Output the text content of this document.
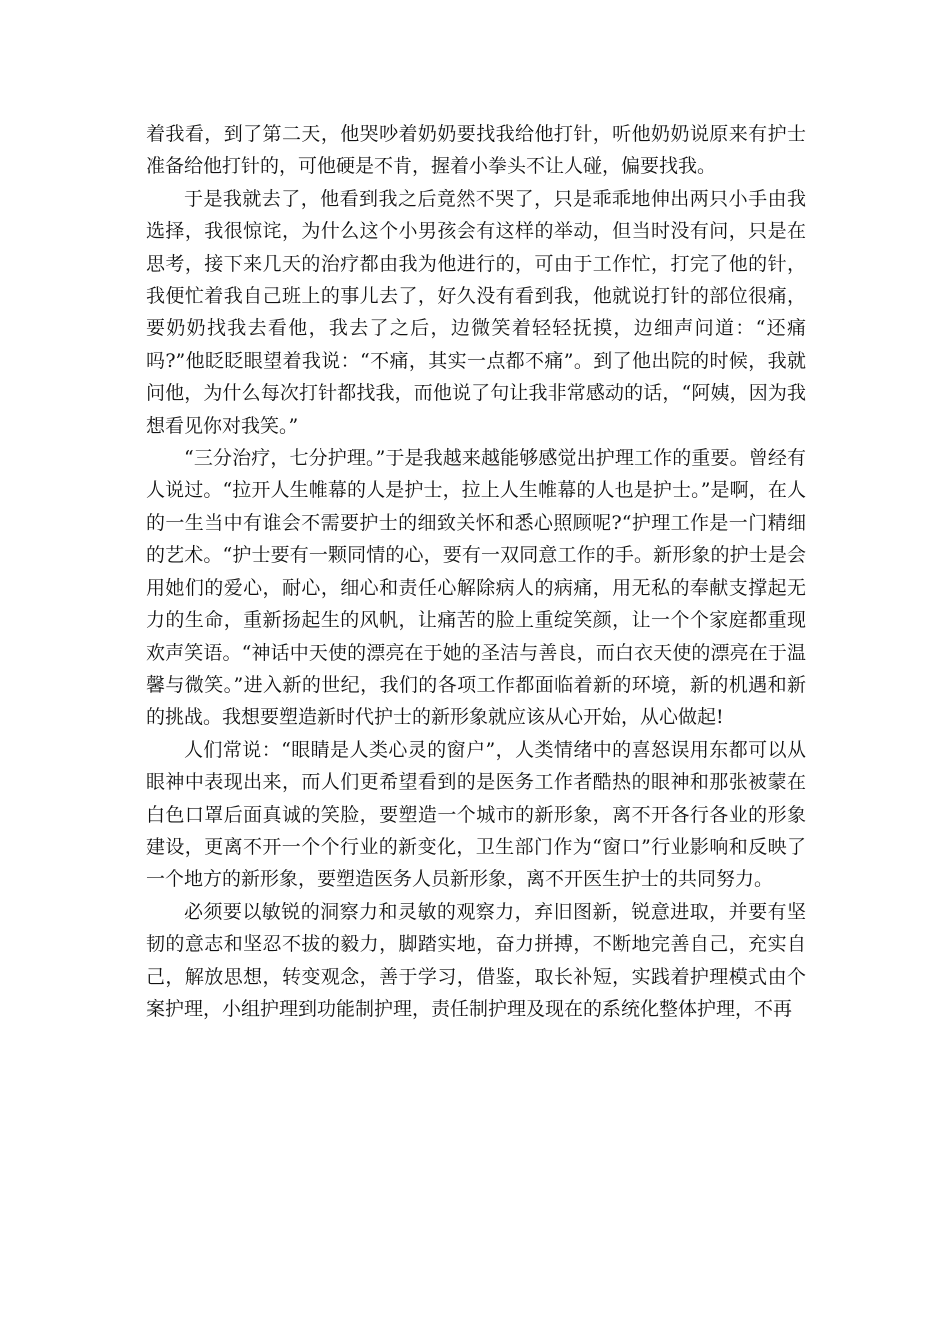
着我看，到了第二天，他哭吵着奶奶要找我给他打针，听他奶奶说原来有护士准备给他打针的，可他硬是不肯，握着小拳头不让人碰，偏要找我。

于是我就去了，他看到我之后竟然不哭了，只是乖乖地伸出两只小手由我选择，我很惊诧，为什么这个小男孩会有这样的举动，但当时没有问，只是在思考，接下来几天的治疗都由我为他进行的，可由于工作忙，打完了他的针，我便忙着我自己班上的事儿去了，好久没有看到我，他就说打针的部位很痛，要奶奶找我去看他，我去了之后，边微笑着轻轻抚摸，边细声问道：“还痛吗?”他眨眨眼望着我说：“不痛，其实一点都不痛”。到了他出院的时候，我就问他，为什么每次打针都找我，而他说了句让我非常感动的话，“阿姨，因为我想看见你对我笑。”

“三分治疗，七分护理。”于是我越来越能够感觉出护理工作的重要。曾经有人说过。“拉开人生帷幕的人是护士，拉上人生帷幕的人也是护士。”是啊，在人的一生当中有谁会不需要护士的细致关怀和悉心照顾呢?“护理工作是一门精细的艺术。“护士要有一颗同情的心，要有一双同意工作的手。新形象的护士是会用她们的爱心，耐心，细心和责任心解除病人的病痛，用无私的奉献支撑起无力的生命，重新扬起生的风帆，让痛苦的脸上重绽笑颜，让一个个家庭都重现欢声笑语。“神话中天使的漂亮在于她的圣洁与善良，而白衣天使的漂亮在于温馨与微笑。”进入新的世纪，我们的各项工作都面临着新的环境，新的机遇和新的挑战。我想要塑造新时代护士的新形象就应该从心开始，从心做起!

人们常说：“眼睛是人类心灵的窗户”，人类情绪中的喜怒误用东都可以从眼神中表现出来，而人们更希望看到的是医务工作者酷热的眼神和那张被蒙在白色口罩后面真诚的笑脸，要塑造一个城市的新形象，离不开各行各业的形象建设，更离不开一个个行业的新变化，卫生部门作为“窗口”行业影响和反映了一个地方的新形象，要塑造医务人员新形象，离不开医生护士的共同努力。

必须要以敏锐的洞察力和灵敏的观察力，弃旧图新，锐意进取，并要有坚韧的意志和坚忍不拔的毅力，脚踏实地，奋力拼搏，不断地完善自己，充实自己，解放思想，转变观念，善于学习，借鉴，取长补短，实践着护理模式由个案护理，小组护理到功能制护理，责任制护理及现在的系统化整体护理，不再
